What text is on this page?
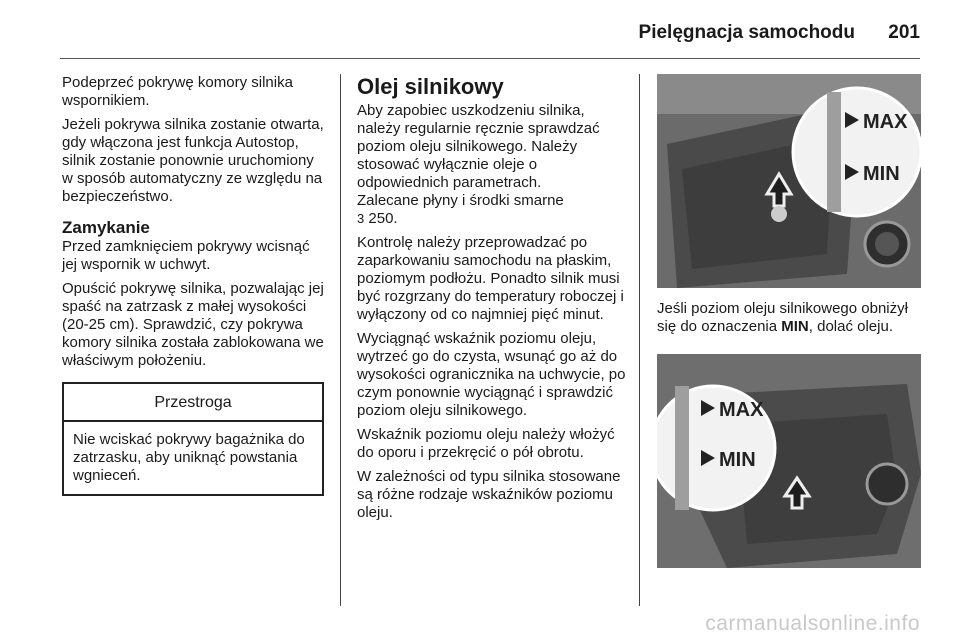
Pielęgnacja samochodu 201

Podeprzeć pokrywę komory silnika wspornikiem.

Jeżeli pokrywa silnika zostanie otwarta, gdy włączona jest funkcja Autostop, silnik zostanie ponownie uruchomiony w sposób automatyczny ze względu na bezpieczeństwo.

Zamykanie

Przed zamknięciem pokrywy wcisnąć jej wspornik w uchwyt.

Opuścić pokrywę silnika, pozwalając jej spaść na zatrzask z małej wysokości (20-25 cm). Sprawdzić, czy pokrywa komory silnika została zablokowana we właściwym położeniu.

Przestroga
Nie wciskać pokrywy bagażnika do zatrzasku, aby uniknąć powstania wgnieceń.
Olej silnikowy

Aby zapobiec uszkodzeniu silnika, należy regularnie ręcznie sprawdzać poziom oleju silnikowego. Należy stosować wyłącznie oleje o odpowiednich parametrach.
Zalecane płyny i środki smarne
3 250.

Kontrolę należy przeprowadzać po zaparkowaniu samochodu na płaskim, poziomym podłożu. Ponadto silnik musi być rozgrzany do temperatury roboczej i wyłączony od co najmniej pięć minut.

Wyciągnąć wskaźnik poziomu oleju, wytrzeć go do czysta, wsunąć go aż do wysokości ogranicznika na uchwycie, po czym ponownie wyciągnąć i sprawdzić poziom oleju silnikowego.

Wskaźnik poziomu oleju należy włożyć do oporu i przekręcić o pół obrotu.

W zależności od typu silnika stosowane są różne rodzaje wskaźników poziomu oleju.

MAX
MIN
Jeśli poziom oleju silnikowego obniżył się do oznaczenia MIN, dolać oleju.
MAX
MIN
carmanualsonline.info
